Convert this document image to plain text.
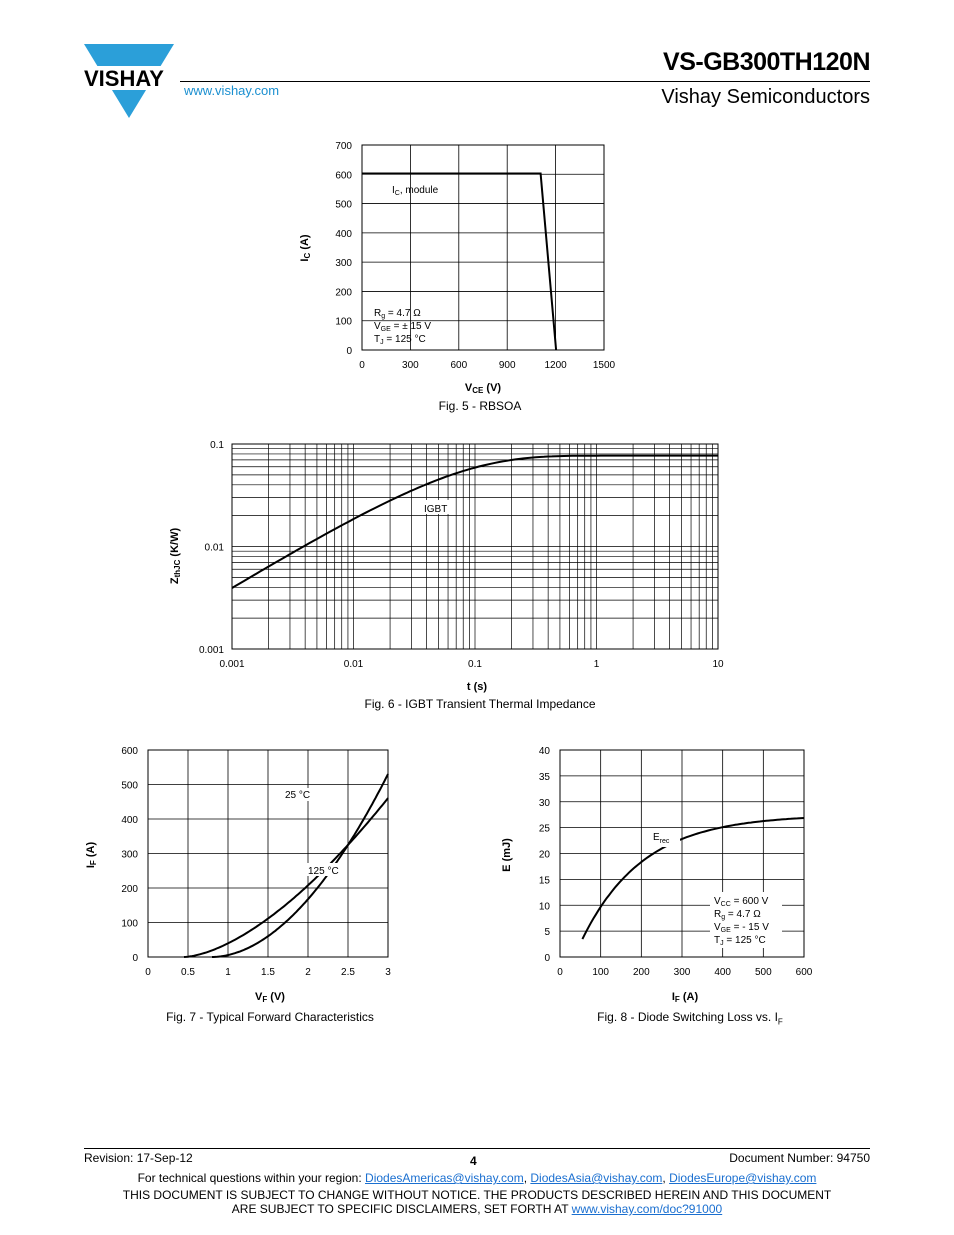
VISHAY
VS-GB300TH120N
Vishay Semiconductors
www.vishay.com
0	300	600	900	1200	1500
0
100
200
300
400
500
600
700
$I_C$, module
$R_g = 4.7$ Ω
$V_{GE}$ = ± 15 V
$T_J = 125$ °C
VCE (V)
IC (A)
Fig. 5 - RBSOA
IGBT
0.001	0.01	0.1	1	10
0.001
0.01
0.1
t (s)
ZthJC (K/W)
Fig. 6 - IGBT Transient Thermal Impedance
25 °C
125 °C
0	0.5	1	1.5	2	2.5	3
0
100
200
300
400
500
600
VF (V)
IF (A)
Fig. 7 - Typical Forward Characteristics
$E_{rec}$
$V_{CC} = 600$ V
$R_g = 4.7$ Ω
$V_{GE}$ = - 15 V
$T_J = 125$ °C
0	100 200 300 400 500 600
0
5
10
15
20
25
30
35
40
IF (A)
E (mJ)
Fig. 8 - Diode Switching Loss vs. $I_F$
Revision: 17-Sep-12	4	Document Number: 94750
For technical questions within your region: DiodesAmericas@vishay.com, DiodesAsia@vishay.com, DiodesEurope@vishay.com
THIS DOCUMENT IS SUBJECT TO CHANGE WITHOUT NOTICE. THE PRODUCTS DESCRIBED HEREIN AND THIS DOCUMENT
ARE SUBJECT TO SPECIFIC DISCLAIMERS, SET FORTH AT www.vishay.com/doc?91000
